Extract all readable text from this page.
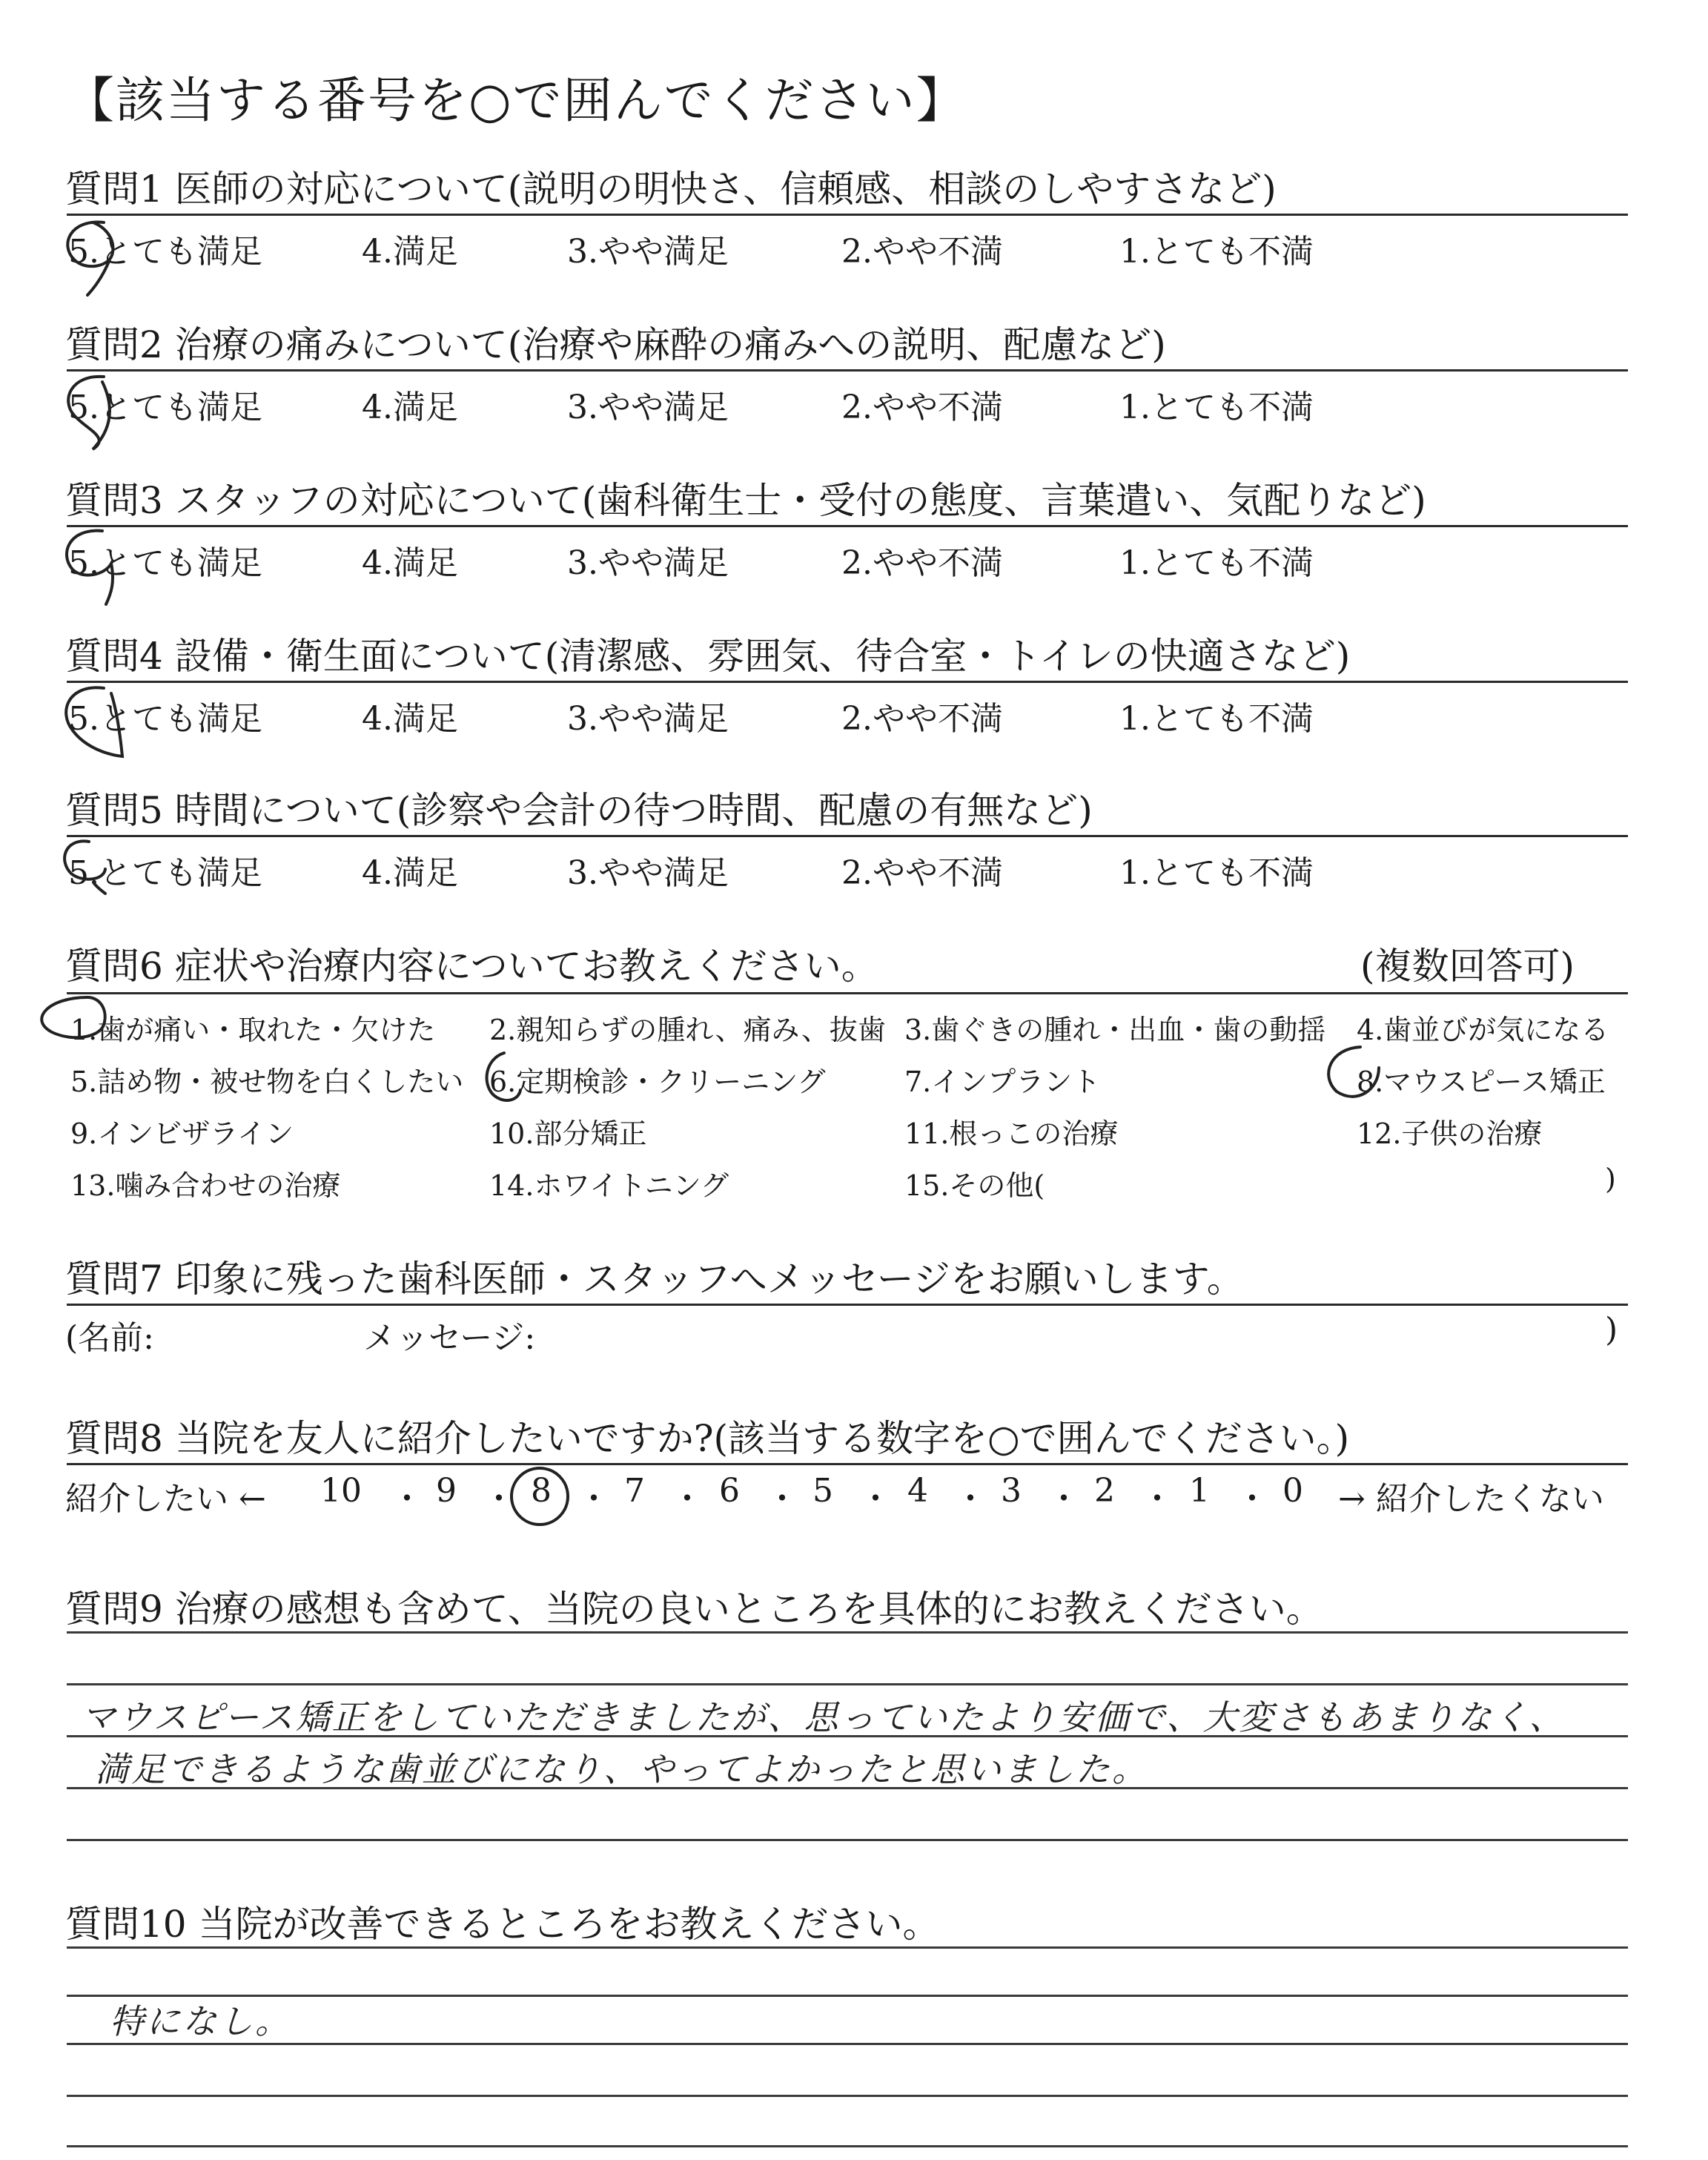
【該当する番号を○で囲んでください】
質問1 医師の対応について(説明の明快さ、信頼感、相談のしやすさなど)
5.とても満足	4.満足	3.やや満足	2.やや不満	1.とても不満
質問2 治療の痛みについて(治療や麻酔の痛みへの説明、配慮など)
5.とても満足	4.満足	3.やや満足	2.やや不満	1.とても不満
質問3 スタッフの対応について(歯科衛生士・受付の態度、言葉遣い、気配りなど)
5.とても満足	4.満足	3.やや満足	2.やや不満	1.とても不満
質問4 設備・衛生面について(清潔感、雰囲気、待合室・トイレの快適さなど)
5.とても満足	4.満足	3.やや満足	2.やや不満	1.とても不満
質問5 時間について(診察や会計の待つ時間、配慮の有無など)
5.とても満足	4.満足	3.やや満足	2.やや不満	1.とても不満
質問6 症状や治療内容についてお教えください。	(複数回答可)
1.歯が痛い・取れた・欠けた 2.親知らずの腫れ、痛み、抜歯 3.歯ぐきの腫れ・出血・歯の動揺 4.歯並びが気になる
5.詰め物・被せ物を白くしたい 6.定期検診・クリーニング	7.インプラント	8.マウスピース矯正
9.インビザライン	10.部分矯正	11.根っこの治療	12.子供の治療
13.噛み合わせの治療	14.ホワイトニング	15.その他(	)
質問7 印象に残った歯科医師・スタッフへメッセージをお願いします。
(名前:	メッセージ:	)
質問8 当院を友人に紹介したいですか?(該当する数字を○で囲んでください。)
紹介したい ← 10 ・ 9 ・ 8 ・ 7 ・ 6 ・ 5 ・ 4 ・ 3 ・ 2 ・ 1 ・ 0 → 紹介したくない
質問9 治療の感想も含めて、当院の良いところを具体的にお教えください。
マウスピース矯正をしていただきましたが、思っていたより安価で、大変さもあまりなく、
満足できるような歯並びになり、やってよかったと思いました。
質問10 当院が改善できるところをお教えください。
特になし。
